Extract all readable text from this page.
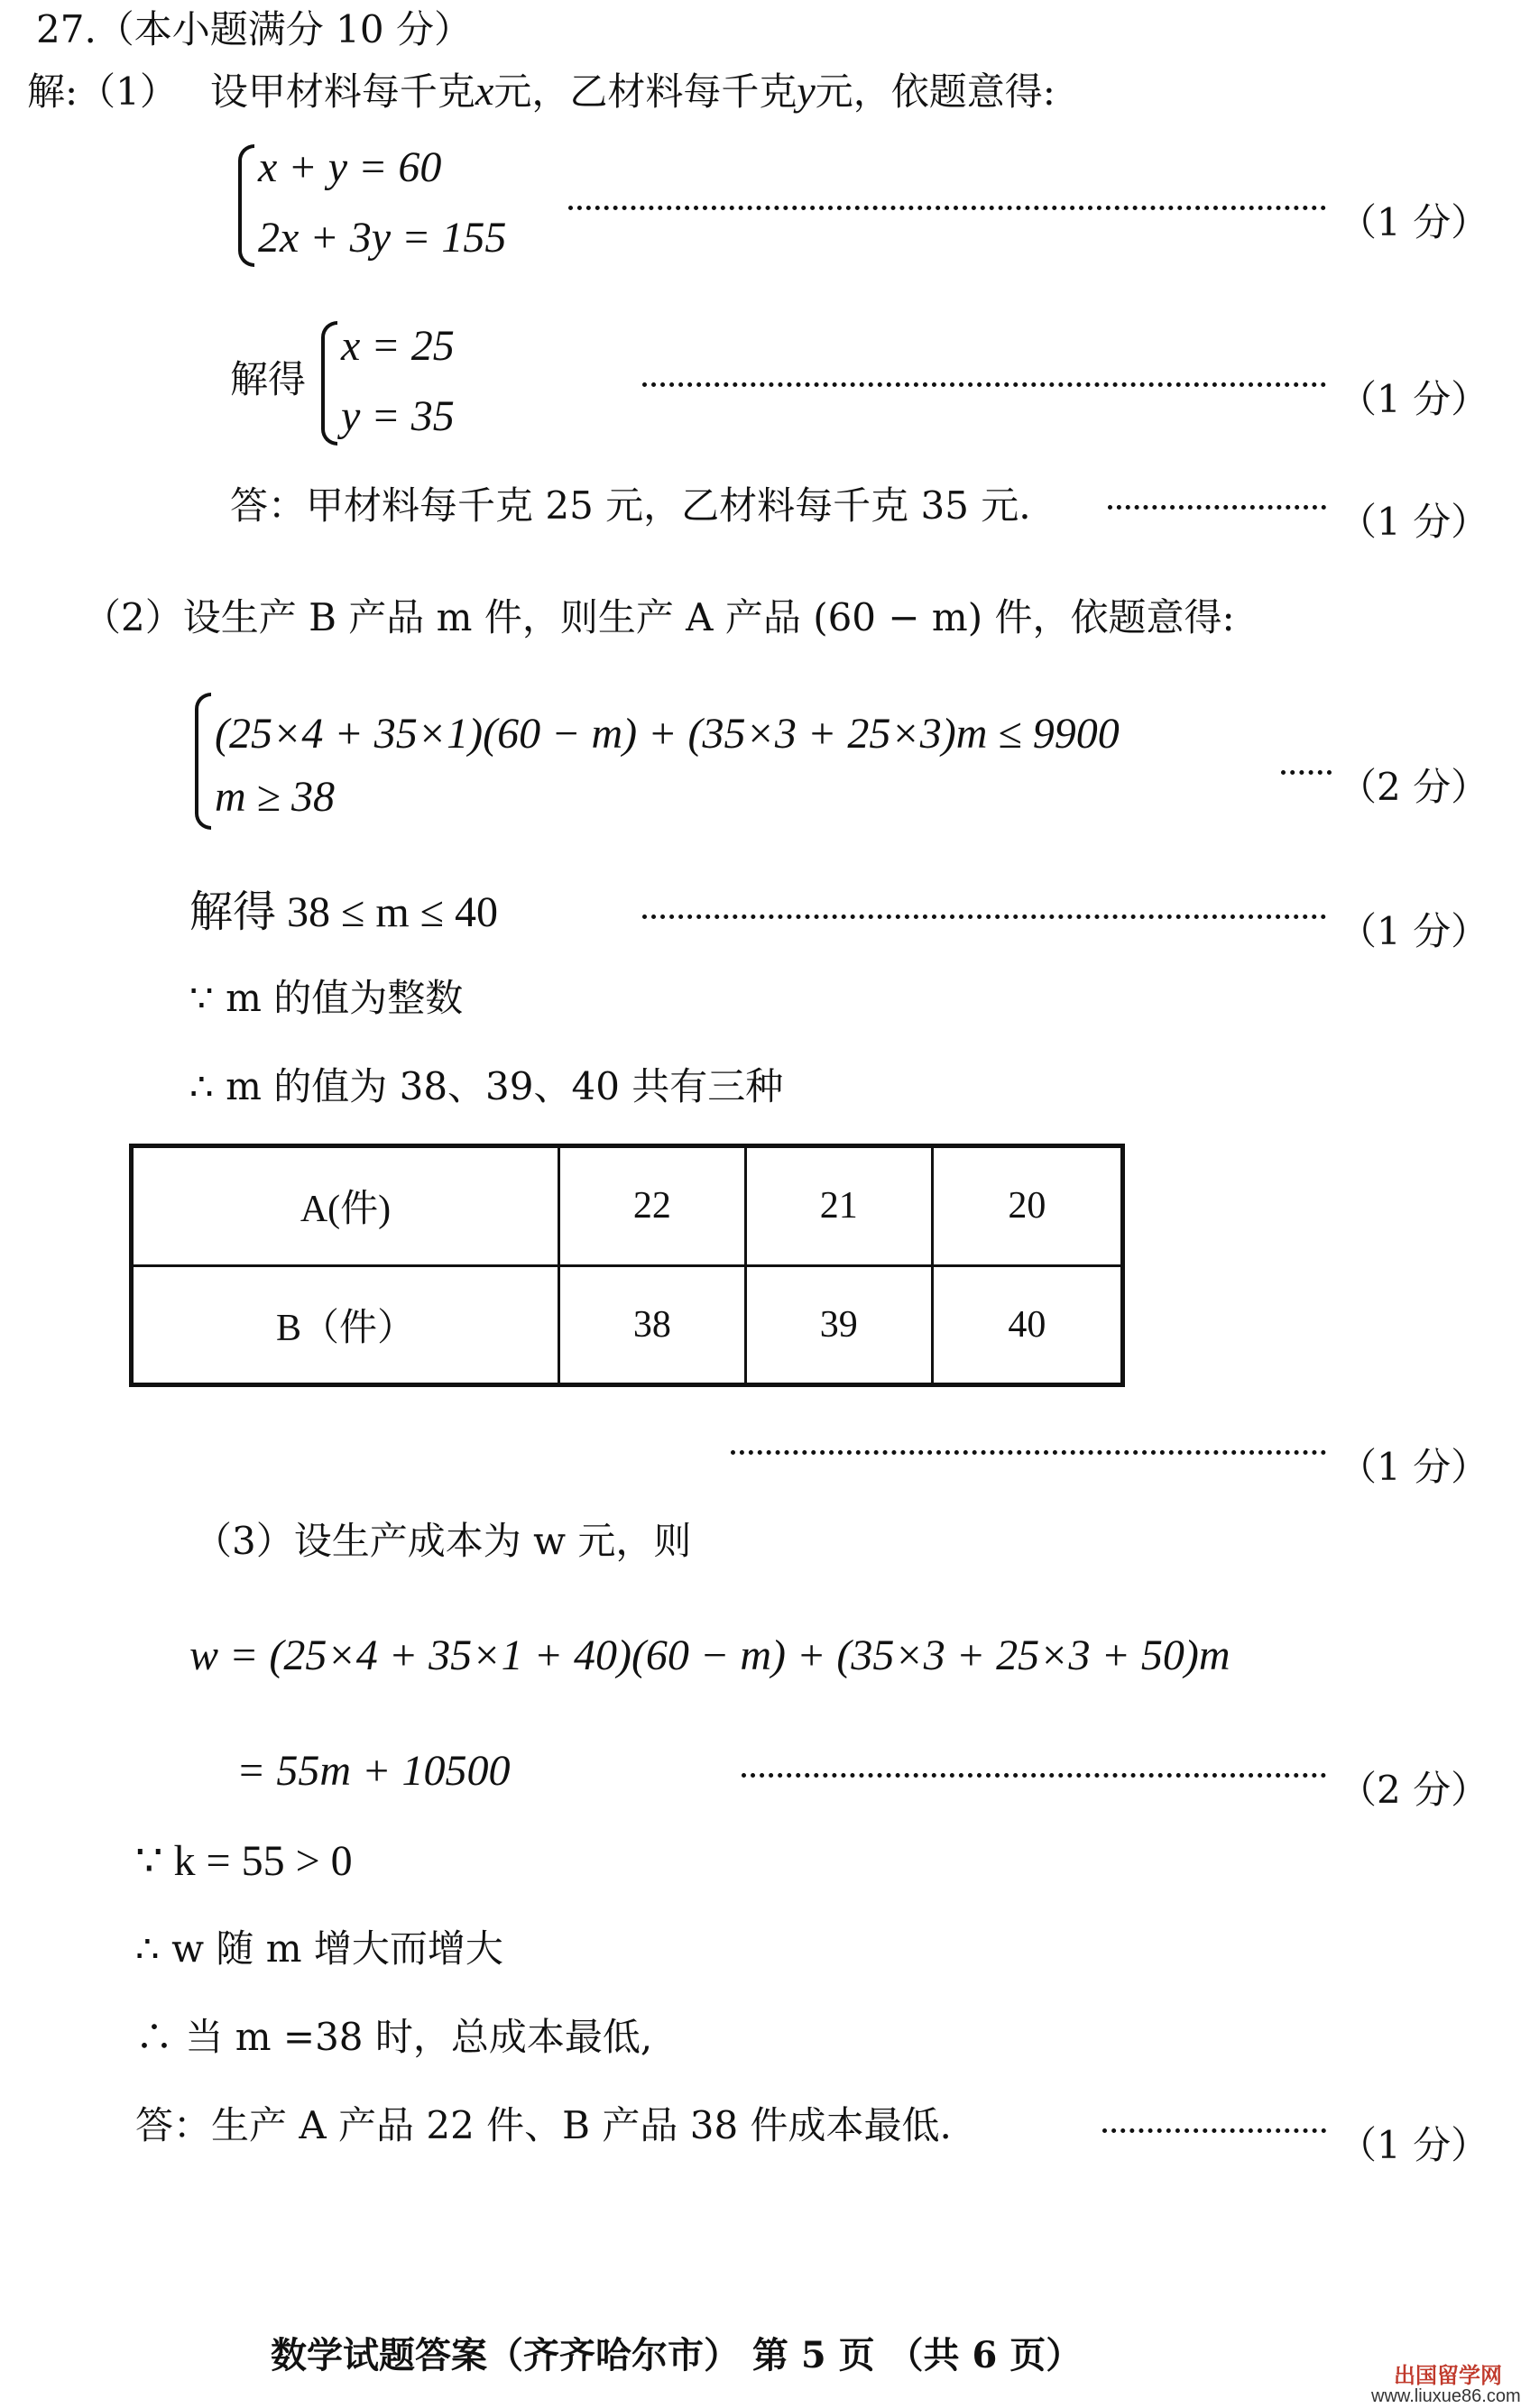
27.（本小题满分 10 分）
解:（1） 设甲材料每千克x元，乙材料每千克y元，依题意得:
x + y = 60
2x + 3y = 155	（1 分）
解得
x = 25
y = 35	（1 分）
答：甲材料每千克 25 元，乙材料每千克 35 元.	（1 分）
（2）设生产 B 产品 m 件，则生产 A 产品 (60 − m) 件，依题意得:
(25×4 + 35×1)(60 − m) + (35×3 + 25×3)m ≤ 9900
m ≥ 38	（2 分）
解得 38 ≤ m ≤ 40	（1 分）
∵ m 的值为整数
∴ m 的值为 38、39、40 共有三种
A(件)	22	21	20
B（件）	38	39	40
（1 分）
（3）设生产成本为 w 元，则
w = (25×4 + 35×1 + 40)(60 − m) + (35×3 + 25×3 + 50)m
= 55m + 10500	（2 分）
∵ k = 55 > 0
∴ w 随 m 增大而增大
∴ 当 m =38 时，总成本最低,
答：生产 A 产品 22 件、B 产品 38 件成本最低.	（1 分）
数学试题答案（齐齐哈尔市） 第 5 页 （共 6 页）	出国留学网
www.liuxue86.com
